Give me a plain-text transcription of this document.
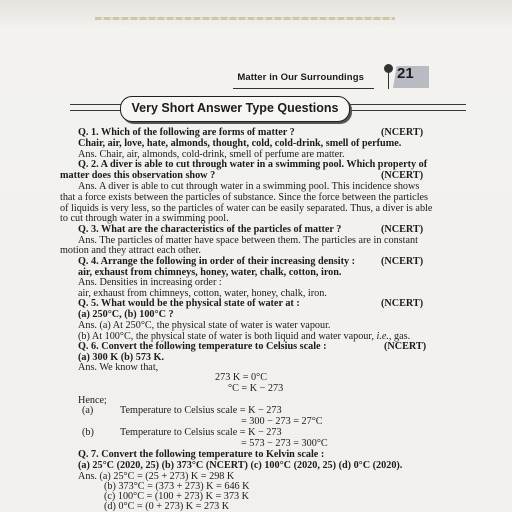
Matter in Our Surroundings 21
Very Short Answer Type Questions
Q. 1. Which of the following are forms of matter ?	(NCERT)
Chair, air, love, hate, almonds, thought, cold, cold-drink, smell of perfume.
Ans. Chair, air, almonds, cold-drink, smell of perfume are matter.
Q. 2. A diver is able to cut through water in a swimming pool. Which property of
matter does this observation show ?	(NCERT)
Ans. A diver is able to cut through water in a swimming pool. This incidence shows
that a force exists between the particles of substance. Since the force between the particles
of liquids is very less, so the particles of water can be easily separated. Thus, a diver is able
to cut through water in a swimming pool.
Q. 3. What are the characteristics of the particles of matter ?	(NCERT)
Ans. The particles of matter have space between them. The particles are in constant
motion and they attract each other.
Q. 4. Arrange the following in order of their increasing density :	(NCERT)
air, exhaust from chimneys, honey, water, chalk, cotton, iron.
Ans. Densities in increasing order :
air, exhaust from chimneys, cotton, water, honey, chalk, iron.
Q. 5. What would be the physical state of water at :	(NCERT)
(a) 250°C, (b) 100°C ?
Ans. (a) At 250°C, the physical state of water is water vapour.
(b) At 100°C, the physical state of water is both liquid and water vapour, i.e., gas.
Q. 6. Convert the following temperature to Celsius scale :	(NCERT)
(a) 300 K (b) 573 K.
Ans. We know that,
273 K = 0°C
°C = K − 273
Hence;
(a)	Temperature to Celsius scale = K − 273
= 300 − 273 = 27°C
(b)	Temperature to Celsius scale = K − 273
= 573 − 273 = 300°C
Q. 7. Convert the following temperature to Kelvin scale :
(a) 25°C (2020, 25) (b) 373°C (NCERT) (c) 100°C (2020, 25) (d) 0°C (2020).
Ans. (a) 25°C = (25 + 273) K = 298 K
(b) 373°C = (373 + 273) K = 646 K
(c) 100°C = (100 + 273) K = 373 K
(d) 0°C = (0 + 273) K = 273 K
